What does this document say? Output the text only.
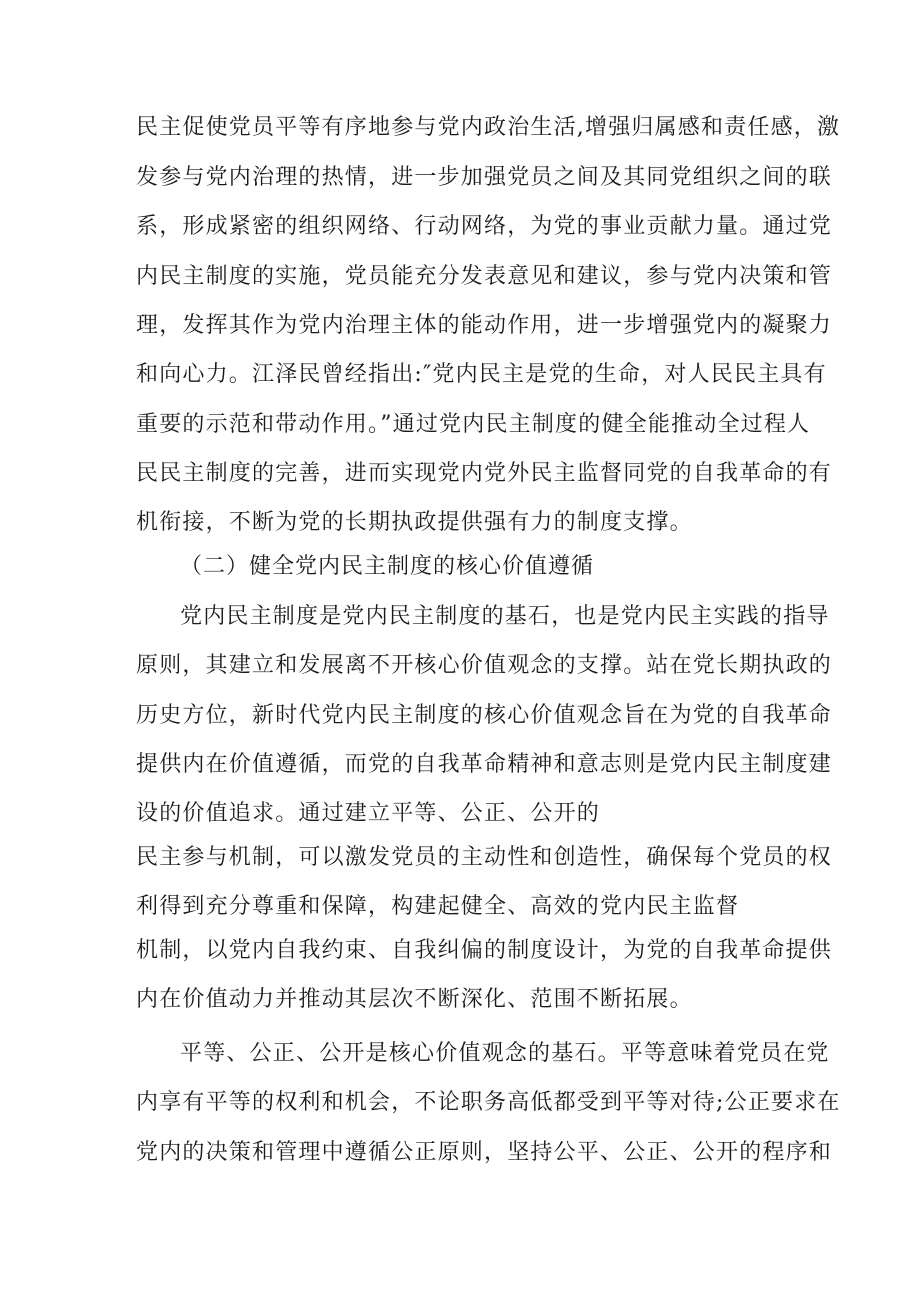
民主促使党员平等有序地参与党内政治生活,增强归属感和责任感，激
发参与党内治理的热情，进一步加强党员之间及其同党组织之间的联
系，形成紧密的组织网络、行动网络，为党的事业贡献力量。通过党
内民主制度的实施，党员能充分发表意见和建议，参与党内决策和管
理，发挥其作为党内治理主体的能动作用，进一步增强党内的凝聚力
和向心力。江泽民曾经指出:″党内民主是党的生命，对人民民主具有
重要的示范和带动作用。”通过党内民主制度的健全能推动全过程人
民民主制度的完善，进而实现党内党外民主监督同党的自我革命的有
机衔接，不断为党的长期执政提供强有力的制度支撑。
（二）健全党内民主制度的核心价值遵循
党内民主制度是党内民主制度的基石，也是党内民主实践的指导
原则，其建立和发展离不开核心价值观念的支撑。站在党长期执政的
历史方位，新时代党内民主制度的核心价值观念旨在为党的自我革命
提供内在价值遵循，而党的自我革命精神和意志则是党内民主制度建
设的价值追求。通过建立平等、公正、公开的
民主参与机制，可以激发党员的主动性和创造性，确保每个党员的权
利得到充分尊重和保障，构建起健全、高效的党内民主监督
机制，以党内自我约束、自我纠偏的制度设计，为党的自我革命提供
内在价值动力并推动其层次不断深化、范围不断拓展。
平等、公正、公开是核心价值观念的基石。平等意味着党员在党
内享有平等的权利和机会，不论职务高低都受到平等对待;公正要求在
党内的决策和管理中遵循公正原则，坚持公平、公正、公开的程序和
